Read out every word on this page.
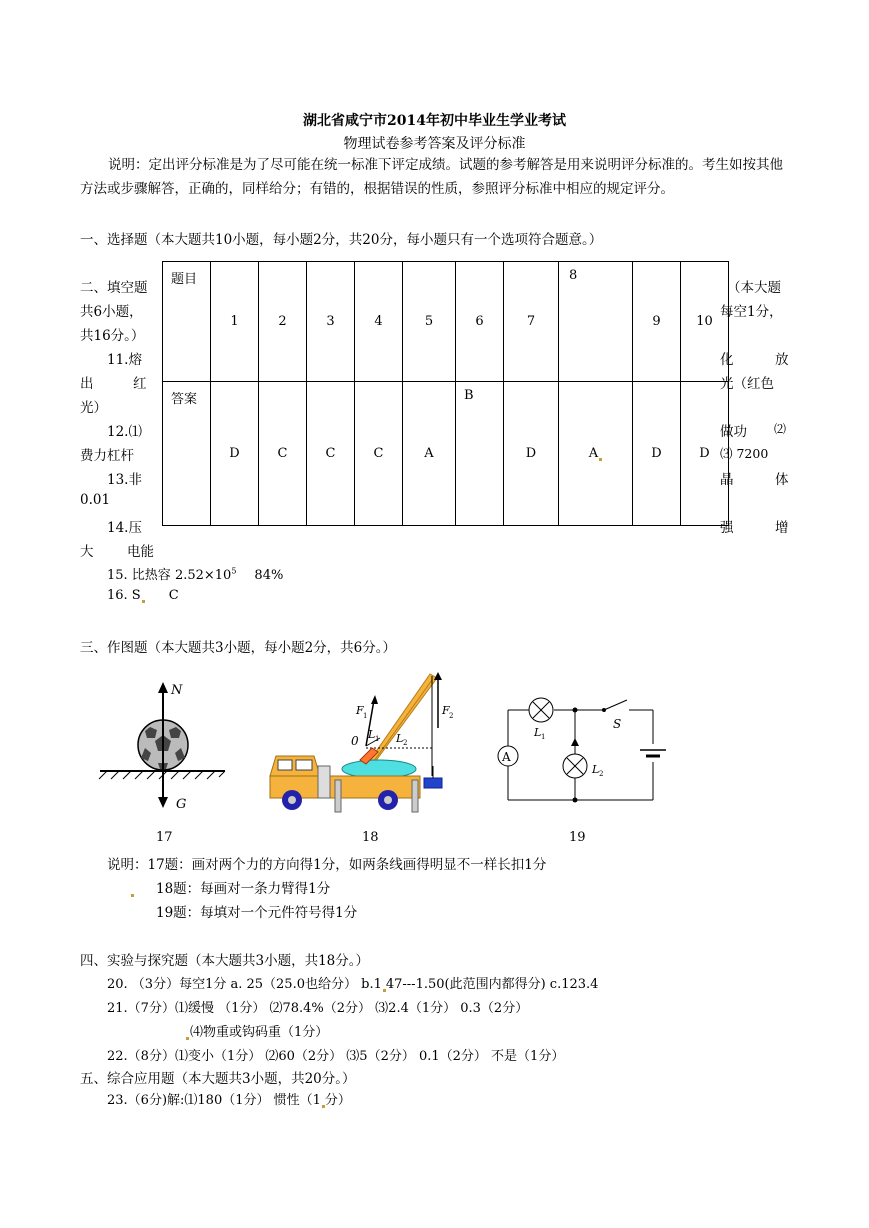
湖北省咸宁市2014年初中毕业生学业考试
物理试卷参考答案及评分标准
说明：定出评分标准是为了尽可能在统一标准下评定成绩。试题的参考解答是用来说明评分标准的。考生如按其他方法或步骤解答，正确的，同样给分；有错的，根据错误的性质，参照评分标准中相应的规定评分。
一、选择题（本大题共10小题，每小题2分，共20分，每小题只有一个选项符合题意。）
题目	1	2	3	4	5	6	7	8	9	10
答案	D	C	C	C	A	B	D	A	D	D
二、填空题
共6小题，
共16分。）
11.熔
出	红
光）
12.⑴
费力杠杆
13.非
0.01
14.压
大 电能
（本大题
每空1分，
化	放
光（红色
做功 ⑵
⑶ 7200
晶	体
强	增
15. 比热容 $2.52\times 10^5$ 84%
16. S C
三、作图题（本大题共3小题，每小题2分，共6分。）
N
G
F 2
F 1
0 L 1 L 2
A
L 1
L 2
S
17	18	19
说明：17题：画对两个力的方向得1分，如两条线画得明显不一样长扣1分
18题：每画对一条力臂得1分
19题：每填对一个元件符号得1分
四、实验与探究题（本大题共3小题，共18分。）
20. （3分）每空1分 a. 25（25.0也给分） b.1 47---1.50(此范围内都得分) c.123.4
21.（7分）⑴缓慢 （1分） ⑵78.4%（2分） ⑶2.4（1分） 0.3（2分）
⑷物重或钩码重（1分）
22.（8分）⑴变小（1分） ⑵60（2分） ⑶5（2分） 0.1（2分） 不是（1分）
五、综合应用题（本大题共3小题，共20分。）
23.（6分)解:⑴180（1分） 惯性（1 分）
